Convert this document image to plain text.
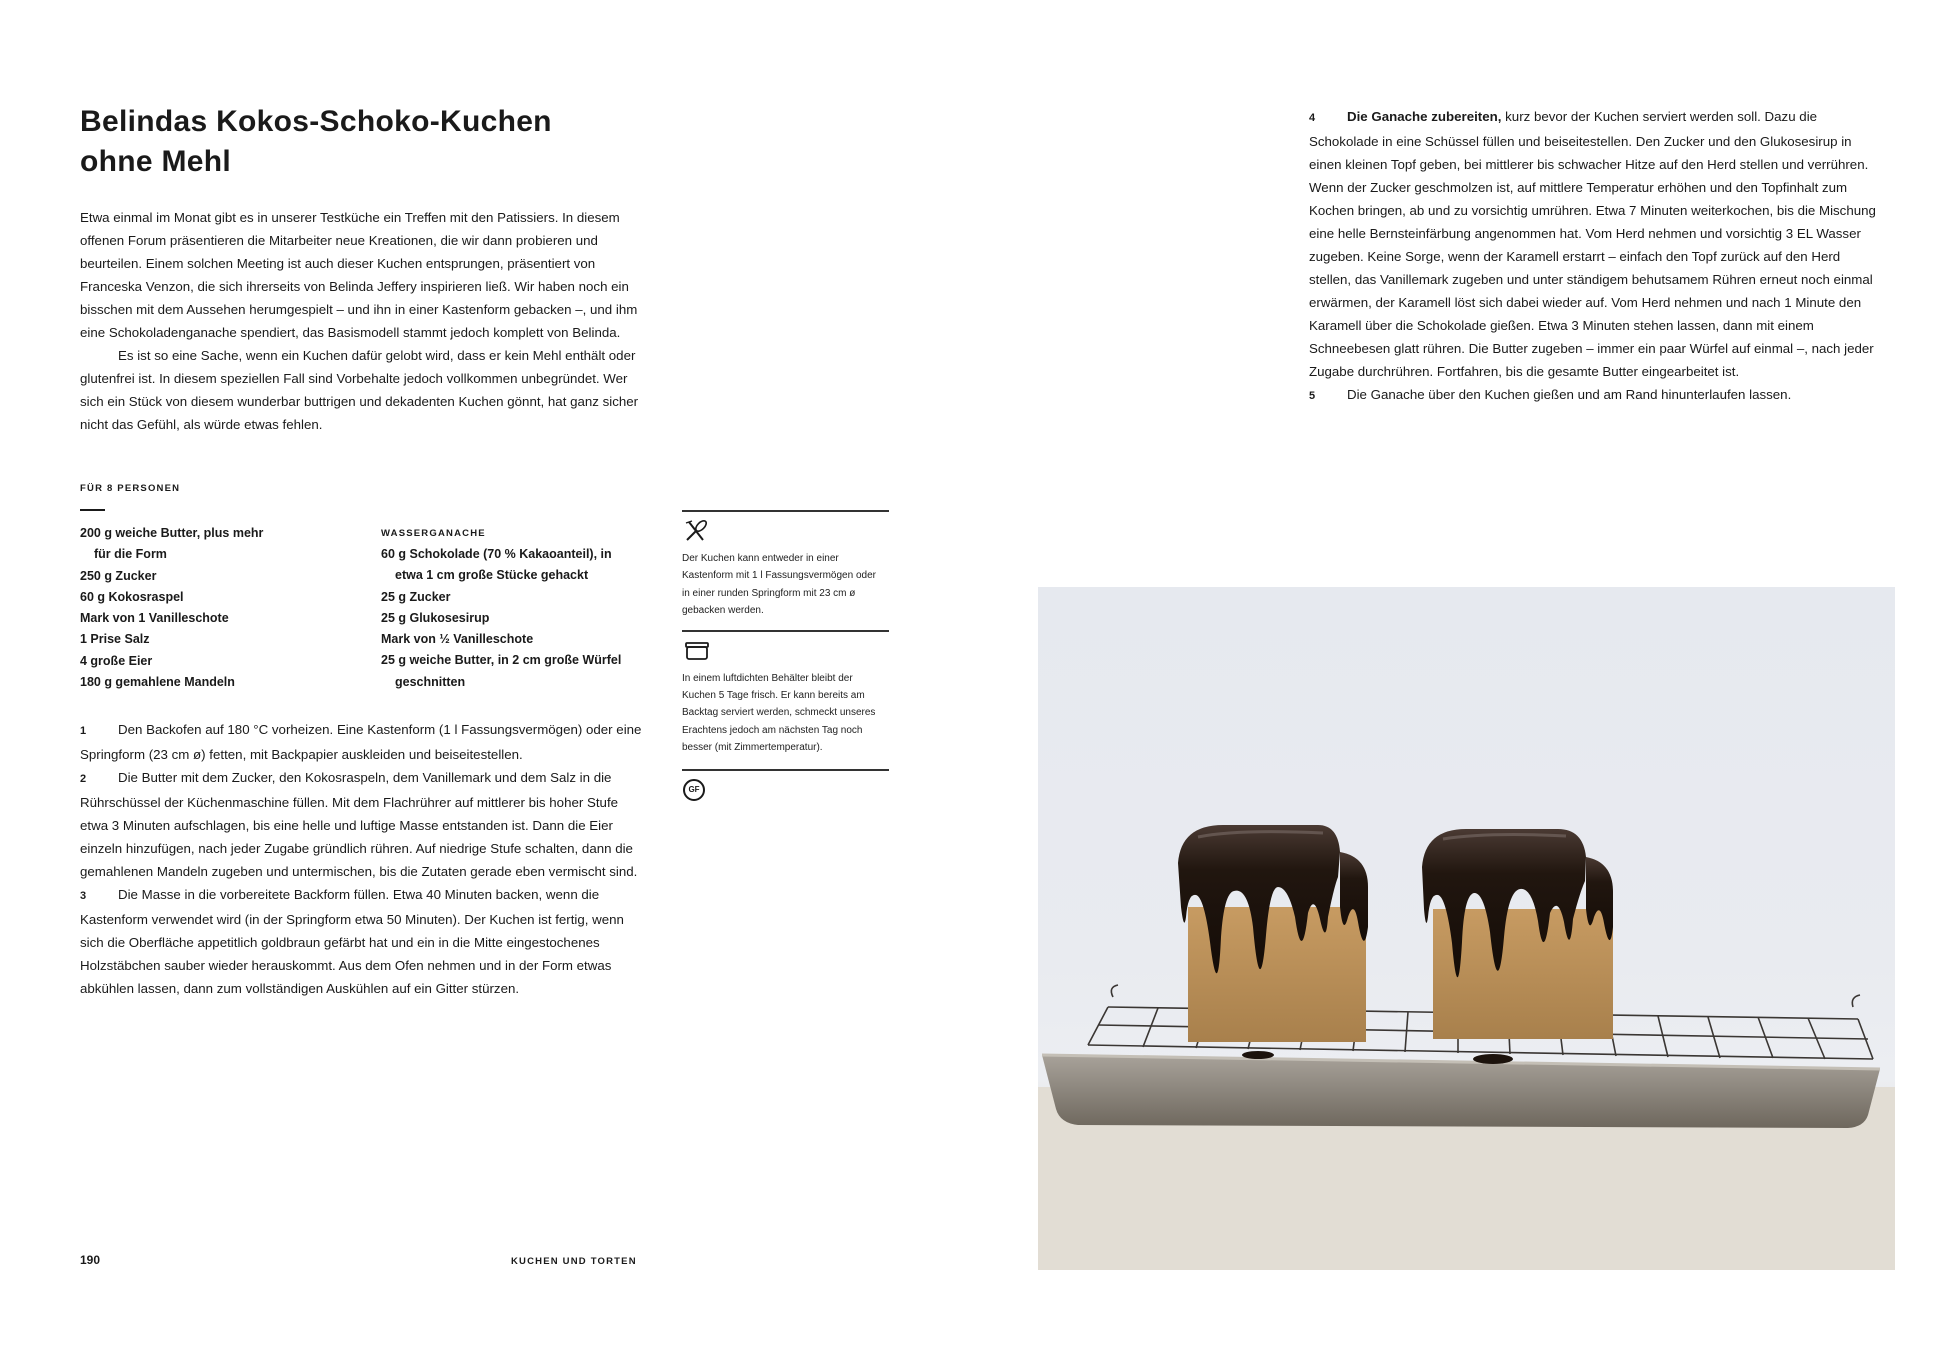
Belindas Kokos-Schoko-Kuchen
ohne Mehl

Etwa einmal im Monat gibt es in unserer Testküche ein Treffen mit den Patissiers. In diesem offenen Forum präsentieren die Mitarbeiter neue Kreationen, die wir dann probieren und beurteilen. Einem solchen Meeting ist auch dieser Kuchen entsprungen, präsentiert von Franceska Venzon, die sich ihrerseits von Belinda Jeffery inspirieren ließ. Wir haben noch ein bisschen mit dem Aussehen herumgespielt – und ihn in einer Kastenform gebacken –, und ihm eine Schokoladenganache spendiert, das Basismodell stammt jedoch komplett von Belinda.

Es ist so eine Sache, wenn ein Kuchen dafür gelobt wird, dass er kein Mehl enthält oder glutenfrei ist. In diesem speziellen Fall sind Vorbehalte jedoch vollkommen unbegründet. Wer sich ein Stück von diesem wunderbar buttrigen und dekadenten Kuchen gönnt, hat ganz sicher nicht das Gefühl, als würde etwas fehlen.

FÜR 8 PERSONEN
200 g weiche Butter, plus mehr
für die Form
250 g Zucker
60 g Kokosraspel
Mark von 1 Vanilleschote
1 Prise Salz
4 große Eier
180 g gemahlene Mandeln
WASSERGANACHE
60 g Schokolade (70 % Kakaoanteil), in
etwa 1 cm große Stücke gehackt
25 g Zucker
25 g Glukosesirup
Mark von ½ Vanilleschote
25 g weiche Butter, in 2 cm große Würfel
geschnitten

1 Den Backofen auf 180 °C vorheizen. Eine Kastenform (1 l Fassungsvermögen) oder eine Springform (23 cm ø) fetten, mit Backpapier auskleiden und beiseitestellen.

2 Die Butter mit dem Zucker, den Kokosraspeln, dem Vanillemark und dem Salz in die Rührschüssel der Küchenmaschine füllen. Mit dem Flachrührer auf mittlerer bis hoher Stufe etwa 3 Minuten aufschlagen, bis eine helle und luftige Masse entstanden ist. Dann die Eier einzeln hinzufügen, nach jeder Zugabe gründlich rühren. Auf niedrige Stufe schalten, dann die gemahlenen Mandeln zugeben und untermischen, bis die Zutaten gerade eben vermischt sind.

3 Die Masse in die vorbereitete Backform füllen. Etwa 40 Minuten backen, wenn die Kastenform verwendet wird (in der Springform etwa 50 Minuten). Der Kuchen ist fertig, wenn sich die Oberfläche appetitlich goldbraun gefärbt hat und ein in die Mitte eingestochenes Holzstäbchen sauber wieder herauskommt. Aus dem Ofen nehmen und in der Form etwas abkühlen lassen, dann zum vollständigen Auskühlen auf ein Gitter stürzen.

Der Kuchen kann entweder in einer Kastenform mit 1 l Fassungsvermögen oder in einer runden Springform mit 23 cm ø gebacken werden.
In einem luftdichten Behälter bleibt der Kuchen 5 Tage frisch. Er kann bereits am Backtag serviert werden, schmeckt unseres Erachtens jedoch am nächsten Tag noch besser (mit Zimmertemperatur).
GF
190	KUCHEN UND TORTEN

4 Die Ganache zubereiten, kurz bevor der Kuchen serviert werden soll. Dazu die Schokolade in eine Schüssel füllen und beiseitestellen. Den Zucker und den Glukosesirup in einen kleinen Topf geben, bei mittlerer bis schwacher Hitze auf den Herd stellen und verrühren. Wenn der Zucker geschmolzen ist, auf mittlere Temperatur erhöhen und den Topfinhalt zum Kochen bringen, ab und zu vorsichtig umrühren. Etwa 7 Minuten weiterkochen, bis die Mischung eine helle Bernsteinfärbung angenommen hat. Vom Herd nehmen und vorsichtig 3 EL Wasser zugeben. Keine Sorge, wenn der Karamell erstarrt – einfach den Topf zurück auf den Herd stellen, das Vanillemark zugeben und unter ständigem behutsamem Rühren erneut noch einmal erwärmen, der Karamell löst sich dabei wieder auf. Vom Herd nehmen und nach 1 Minute den Karamell über die Schokolade gießen. Etwa 3 Minuten stehen lassen, dann mit einem Schneebesen glatt rühren. Die Butter zugeben – immer ein paar Würfel auf einmal –, nach jeder Zugabe durchrühren. Fortfahren, bis die gesamte Butter eingearbeitet ist.

5 Die Ganache über den Kuchen gießen und am Rand hinunterlaufen lassen.
